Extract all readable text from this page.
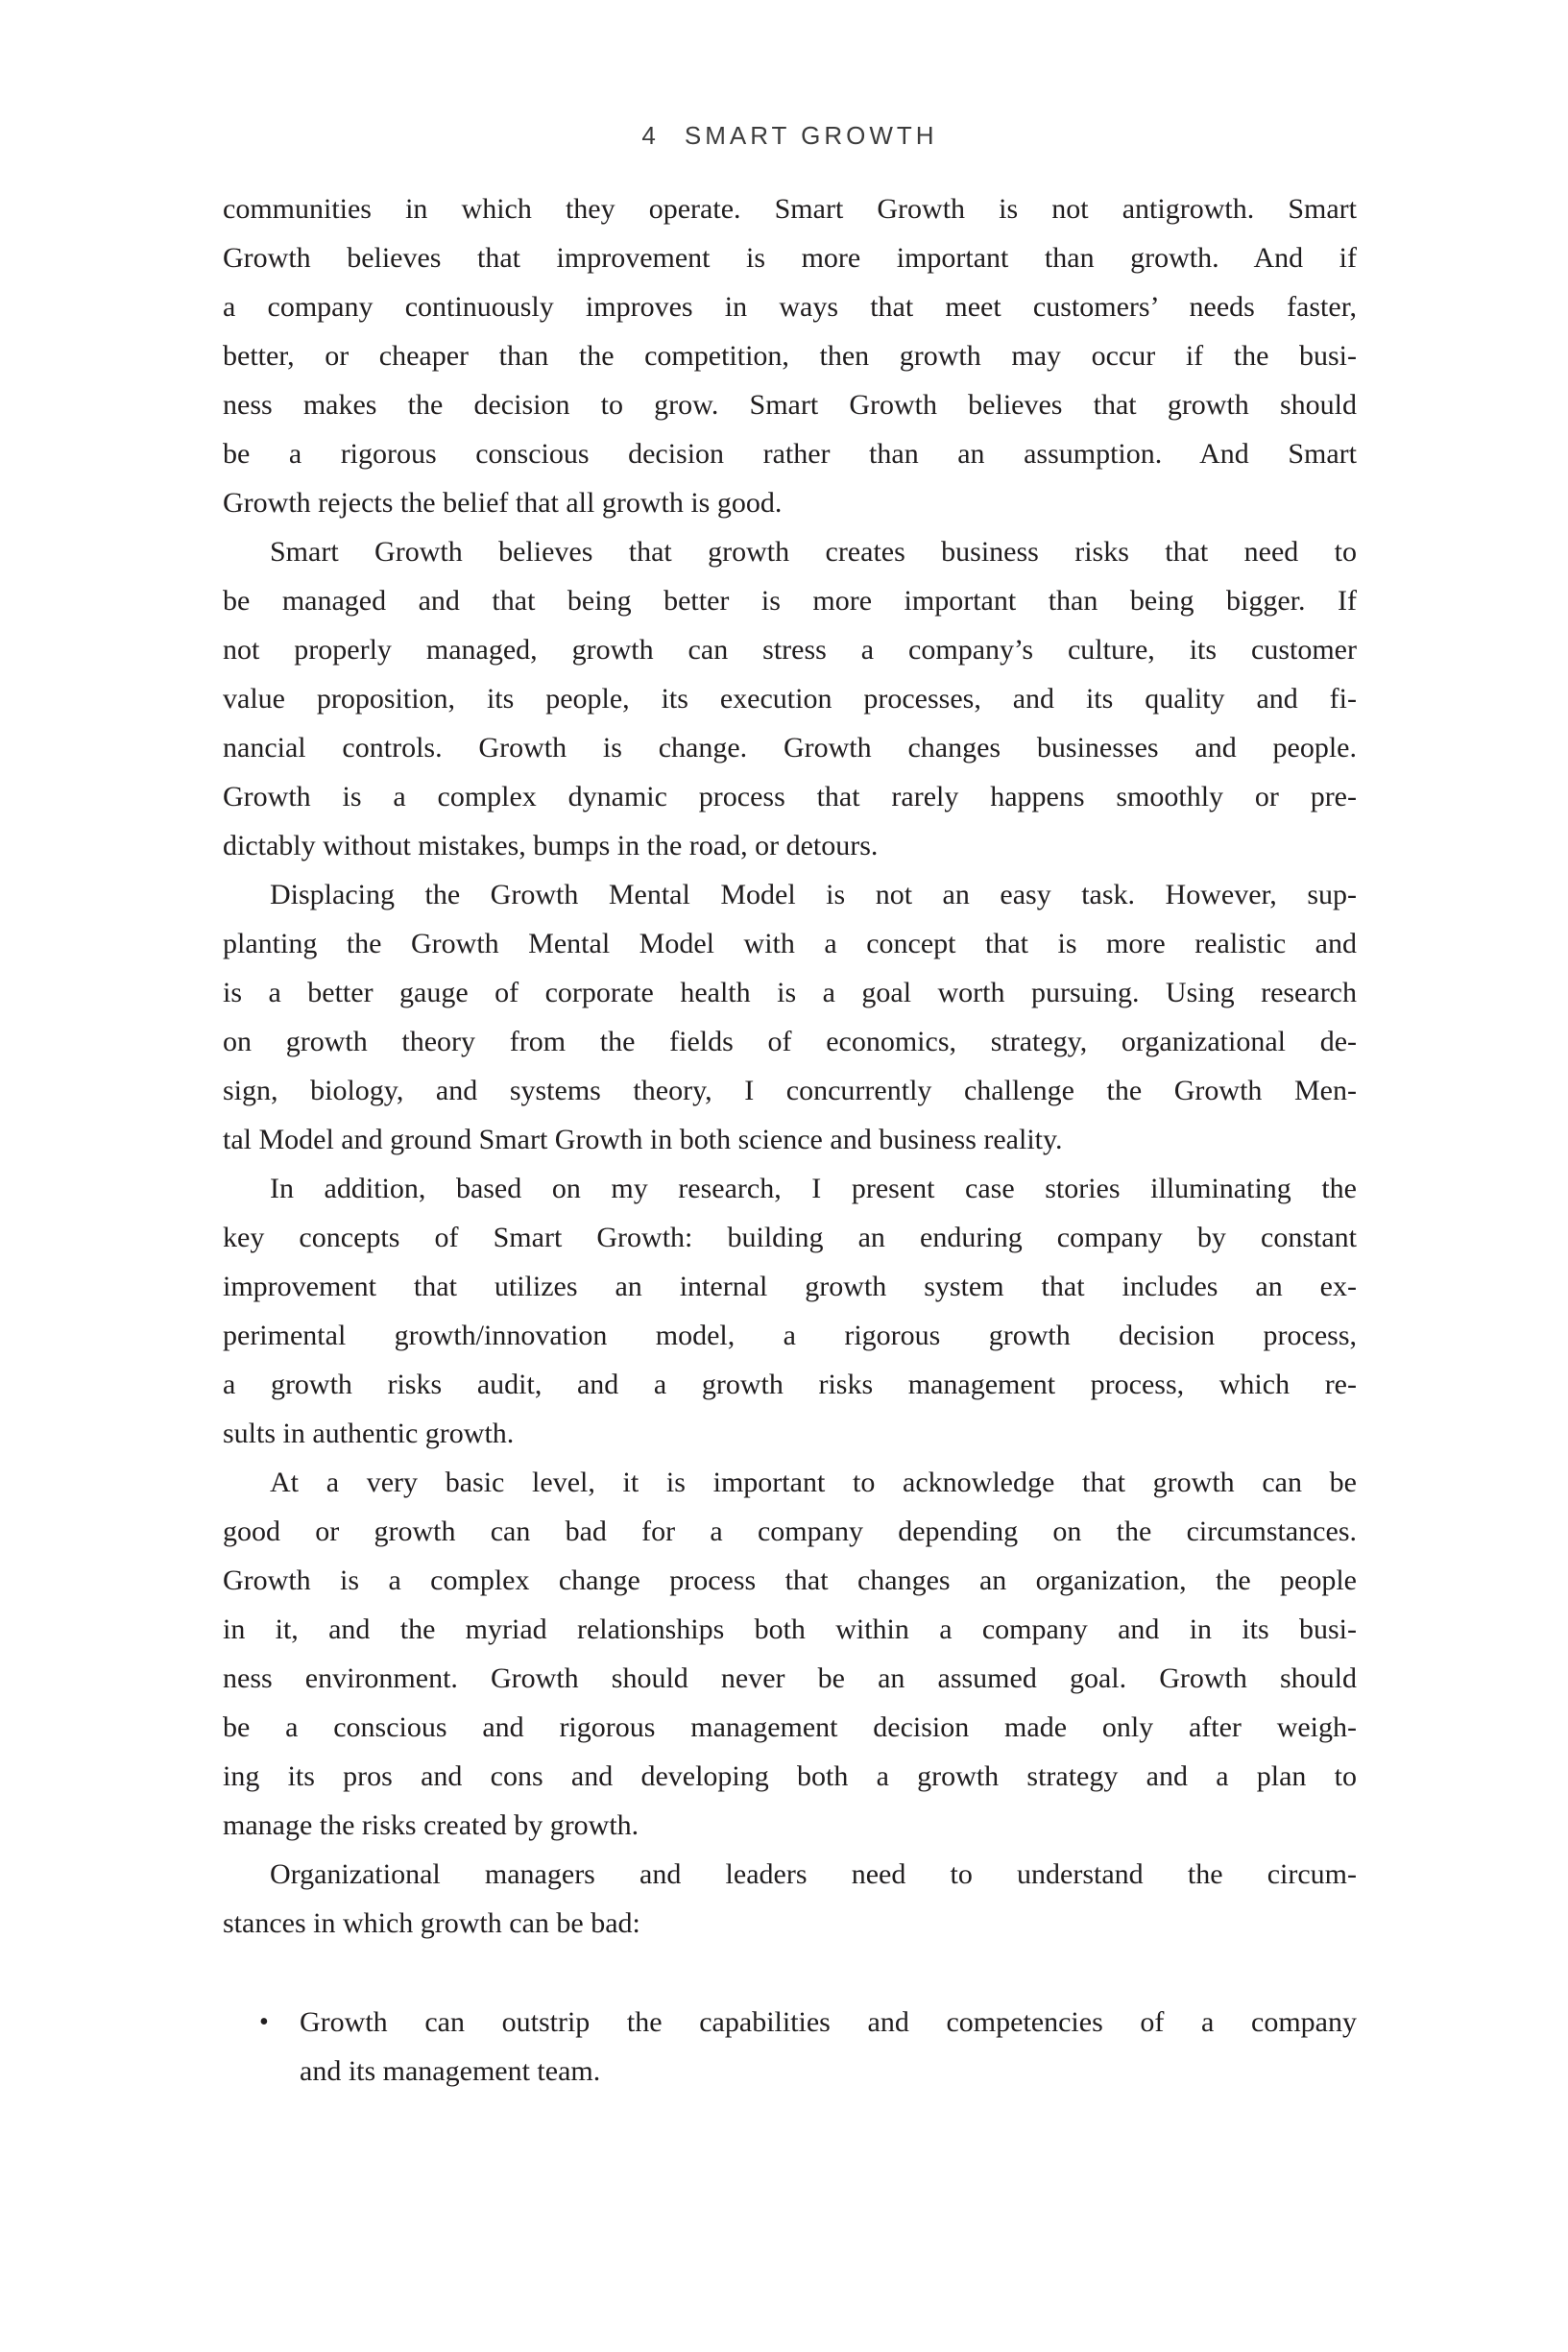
4 SMART GROWTH
communities in which they operate. Smart Growth is not antigrowth. Smart
Growth believes that improvement is more important than growth. And if
a company continuously improves in ways that meet customers’ needs faster,
better, or cheaper than the competition, then growth may occur if the busi-
ness makes the decision to grow. Smart Growth believes that growth should
be a rigorous conscious decision rather than an assumption. And Smart
Growth rejects the belief that all growth is good.
Smart Growth believes that growth creates business risks that need to
be managed and that being better is more important than being bigger. If
not properly managed, growth can stress a company’s culture, its customer
value proposition, its people, its execution processes, and its quality and fi-
nancial controls. Growth is change. Growth changes businesses and people.
Growth is a complex dynamic process that rarely happens smoothly or pre-
dictably without mistakes, bumps in the road, or detours.
Displacing the Growth Mental Model is not an easy task. However, sup-
planting the Growth Mental Model with a concept that is more realistic and
is a better gauge of corporate health is a goal worth pursuing. Using research
on growth theory from the fields of economics, strategy, organizational de-
sign, biology, and systems theory, I concurrently challenge the Growth Men-
tal Model and ground Smart Growth in both science and business reality.
In addition, based on my research, I present case stories illuminating the
key concepts of Smart Growth: building an enduring company by constant
improvement that utilizes an internal growth system that includes an ex-
perimental growth/innovation model, a rigorous growth decision process,
a growth risks audit, and a growth risks management process, which re-
sults in authentic growth.
At a very basic level, it is important to acknowledge that growth can be
good or growth can bad for a company depending on the circumstances.
Growth is a complex change process that changes an organization, the people
in it, and the myriad relationships both within a company and in its busi-
ness environment. Growth should never be an assumed goal. Growth should
be a conscious and rigorous management decision made only after weigh-
ing its pros and cons and developing both a growth strategy and a plan to
manage the risks created by growth.
Organizational managers and leaders need to understand the circum-
stances in which growth can be bad:
• Growth can outstrip the capabilities and competencies of a company
and its management team.
